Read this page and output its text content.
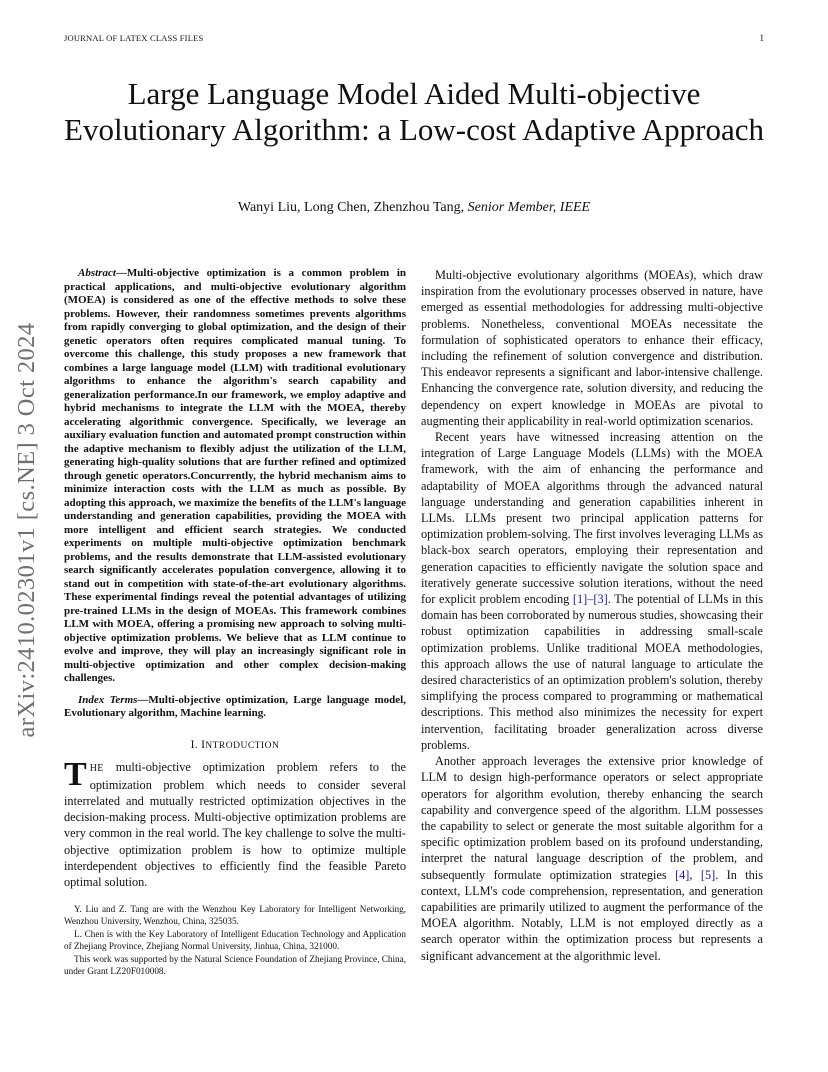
JOURNAL OF LATEX CLASS FILES	1
arXiv:2410.02301v1 [cs.NE] 3 Oct 2024
Large Language Model Aided Multi-objective Evolutionary Algorithm: a Low-cost Adaptive Approach
Wanyi Liu, Long Chen, Zhenzhou Tang, Senior Member, IEEE

Abstract—Multi-objective optimization is a common problem in practical applications, and multi-objective evolutionary algorithm (MOEA) is considered as one of the effective methods to solve these problems. However, their randomness sometimes prevents algorithms from rapidly converging to global optimization, and the design of their genetic operators often requires complicated manual tuning. To overcome this challenge, this study proposes a new framework that combines a large language model (LLM) with traditional evolutionary algorithms to enhance the algorithm's search capability and generalization performance.In our framework, we employ adaptive and hybrid mechanisms to integrate the LLM with the MOEA, thereby accelerating algorithmic convergence. Specifically, we leverage an auxiliary evaluation function and automated prompt construction within the adaptive mechanism to flexibly adjust the utilization of the LLM, generating high-quality solutions that are further refined and optimized through genetic operators.Concurrently, the hybrid mechanism aims to minimize interaction costs with the LLM as much as possible. By adopting this approach, we maximize the benefits of the LLM's language understanding and generation capabilities, providing the MOEA with more intelligent and efficient search strategies. We conducted experiments on multiple multi-objective optimization benchmark problems, and the results demonstrate that LLM-assisted evolutionary search significantly accelerates population convergence, allowing it to stand out in competition with state-of-the-art evolutionary algorithms. These experimental findings reveal the potential advantages of utilizing pre-trained LLMs in the design of MOEAs. This framework combines LLM with MOEA, offering a promising new approach to solving multi-objective optimization problems. We believe that as LLM continue to evolve and improve, they will play an increasingly significant role in multi-objective optimization and other complex decision-making challenges.

Index Terms—Multi-objective optimization, Large language model, Evolutionary algorithm, Machine learning.

I. INTRODUCTION

THE multi-objective optimization problem refers to the optimization problem which needs to consider several interrelated and mutually restricted optimization objectives in the decision-making process. Multi-objective optimization problems are very common in the real world. The key challenge to solve the multi-objective optimization problem is how to optimize multiple interdependent objectives to efficiently find the feasible Pareto optimal solution.

Y. Liu and Z. Tang are with the Wenzhou Key Laboratory for Intelligent Networking, Wenzhou University, Wenzhou, China, 325035.

L. Chen is with the Key Laboratory of Intelligent Education Technology and Application of Zhejiang Province, Zhejiang Normal University, Jinhua, China, 321000.

This work was supported by the Natural Science Foundation of Zhejiang Province, China, under Grant LZ20F010008.

Multi-objective evolutionary algorithms (MOEAs), which draw inspiration from the evolutionary processes observed in nature, have emerged as essential methodologies for addressing multi-objective problems. Nonetheless, conventional MOEAs necessitate the formulation of sophisticated operators to enhance their efficacy, including the refinement of solution convergence and distribution. This endeavor represents a significant and labor-intensive challenge. Enhancing the convergence rate, solution diversity, and reducing the dependency on expert knowledge in MOEAs are pivotal to augmenting their applicability in real-world optimization scenarios.

Recent years have witnessed increasing attention on the integration of Large Language Models (LLMs) with the MOEA framework, with the aim of enhancing the performance and adaptability of MOEA algorithms through the advanced natural language understanding and generation capabilities inherent in LLMs. LLMs present two principal application patterns for optimization problem-solving. The first involves leveraging LLMs as black-box search operators, employing their representation and generation capacities to efficiently navigate the solution space and iteratively generate successive solution iterations, without the need for explicit problem encoding [1]–[3]. The potential of LLMs in this domain has been corroborated by numerous studies, showcasing their robust optimization capabilities in addressing small-scale optimization problems. Unlike traditional MOEA methodologies, this approach allows the use of natural language to articulate the desired characteristics of an optimization problem's solution, thereby simplifying the process compared to programming or mathematical descriptions. This method also minimizes the necessity for expert intervention, facilitating broader generalization across diverse problems.

Another approach leverages the extensive prior knowledge of LLM to design high-performance operators or select appropriate operators for algorithm evolution, thereby enhancing the search capability and convergence speed of the algorithm. LLM possesses the capability to select or generate the most suitable algorithm for a specific optimization problem based on its profound understanding, interpret the natural language description of the problem, and subsequently formulate optimization strategies [4], [5]. In this context, LLM's code comprehension, representation, and generation capabilities are primarily utilized to augment the performance of the MOEA algorithm. Notably, LLM is not employed directly as a search operator within the optimization process but represents a significant advancement at the algorithmic level.
